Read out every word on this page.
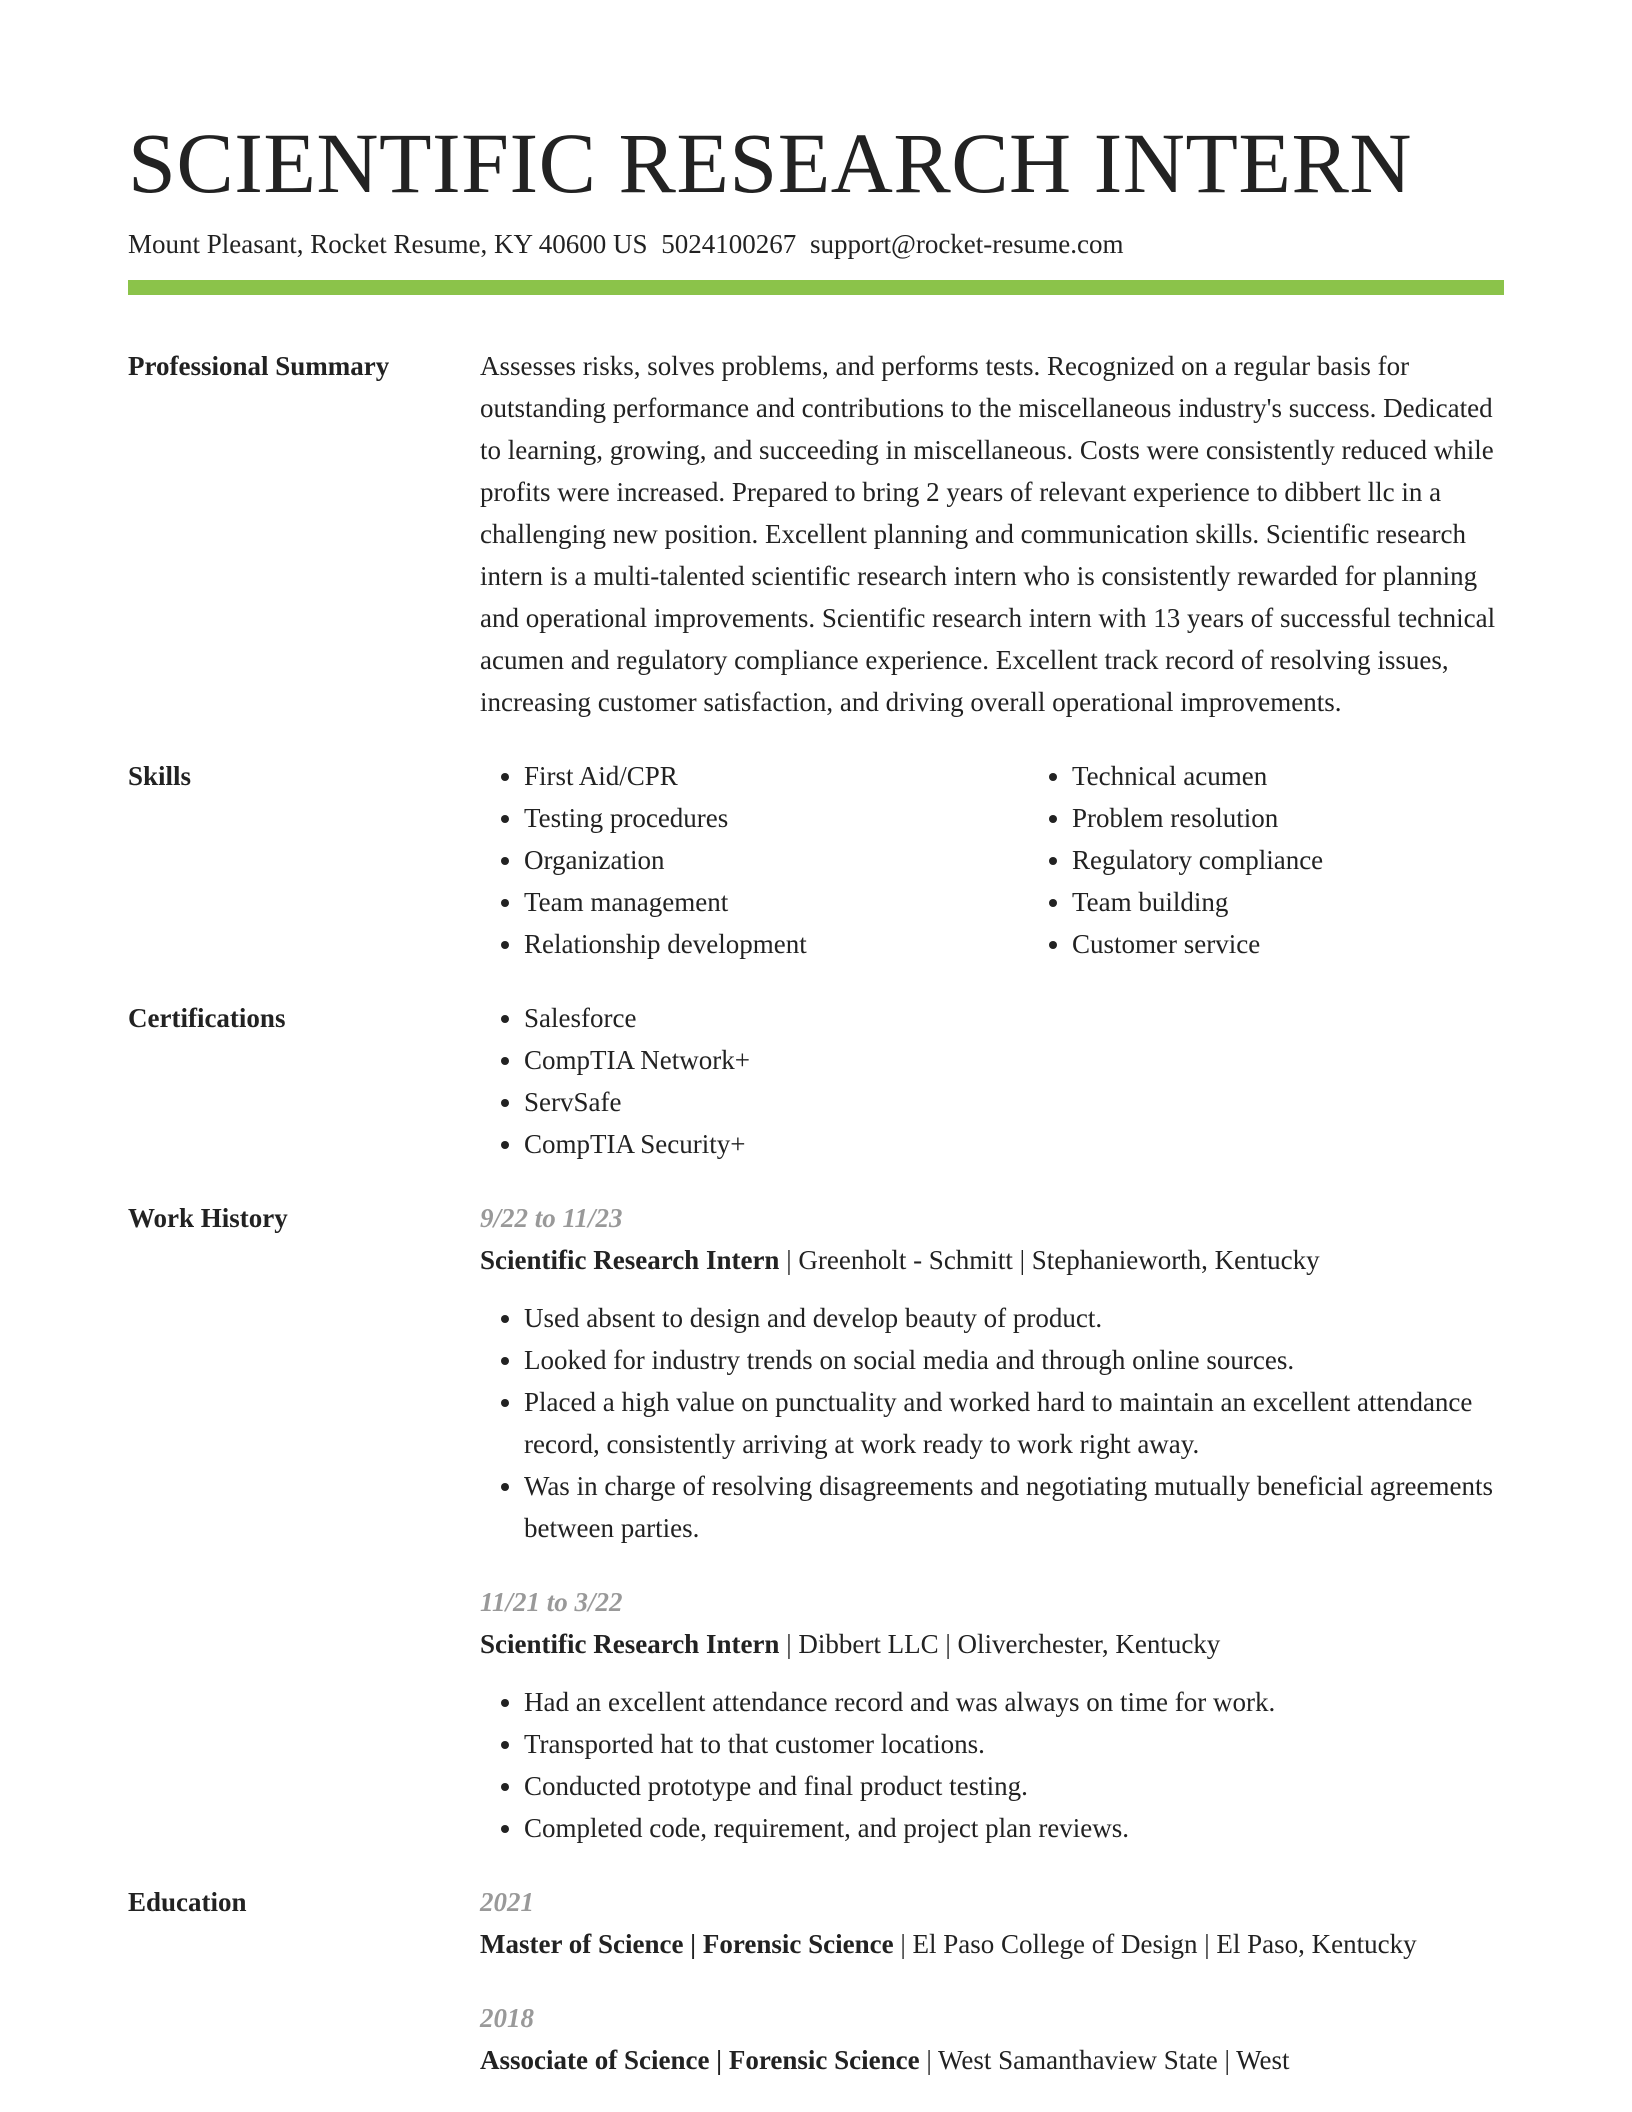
SCIENTIFIC RESEARCH INTERN
Mount Pleasant, Rocket Resume, KY 40600 US 5024100267 support@rocket-resume.com
Professional Summary	Assesses risks, solves problems, and performs tests. Recognized on a regular basis for outstanding performance and contributions to the miscellaneous industry's success. Dedicated to learning, growing, and succeeding in miscellaneous. Costs were consistently reduced while profits were increased. Prepared to bring 2 years of relevant experience to dibbert llc in a challenging new position. Excellent planning and communication skills. Scientific research intern is a multi-talented scientific research intern who is consistently rewarded for planning and operational improvements. Scientific research intern with 13 years of successful technical acumen and regulatory compliance experience. Excellent track record of resolving issues, increasing customer satisfaction, and driving overall operational improvements.
Skills	• First Aid/CPR
• Testing procedures
• Organization
• Team management
• Relationship development
• Technical acumen
• Problem resolution
• Regulatory compliance
• Team building
• Customer service
Certifications	• Salesforce
• CompTIA Network+
• ServSafe
• CompTIA Security+
Work History	9/22 to 11/23
Scientific Research Intern | Greenholt - Schmitt | Stephanieworth, Kentucky
• Used absent to design and develop beauty of product.
• Looked for industry trends on social media and through online sources.
• Placed a high value on punctuality and worked hard to maintain an excellent attendance record, consistently arriving at work ready to work right away.
• Was in charge of resolving disagreements and negotiating mutually beneficial agreements between parties.
11/21 to 3/22
Scientific Research Intern | Dibbert LLC | Oliverchester, Kentucky
• Had an excellent attendance record and was always on time for work.
• Transported hat to that customer locations.
• Conducted prototype and final product testing.
• Completed code, requirement, and project plan reviews.
Education	2021
Master of Science | Forensic Science | El Paso College of Design | El Paso, Kentucky
2018
Associate of Science | Forensic Science | West Samanthaview State | West
